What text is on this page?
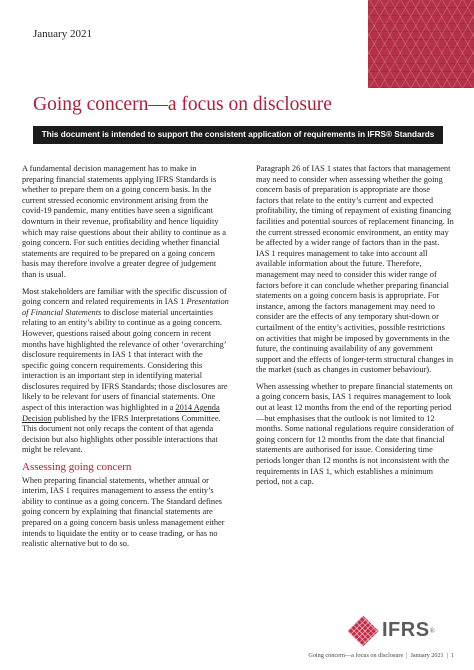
January 2021
Going concern—a focus on disclosure
This document is intended to support the consistent application of requirements in IFRS® Standards

A fundamental decision management has to make in preparing financial statements applying IFRS Standards is whether to prepare them on a going concern basis. In the current stressed economic environment arising from the covid-19 pandemic, many entities have seen a significant downturn in their revenue, profitability and hence liquidity which may raise questions about their ability to continue as a going concern. For such entities deciding whether financial statements are required to be prepared on a going concern basis may therefore involve a greater degree of judgement than is usual.

Most stakeholders are familiar with the specific discussion of going concern and related requirements in IAS 1 Presentation of Financial Statements to disclose material uncertainties relating to an entity’s ability to continue as a going concern. However, questions raised about going concern in recent months have highlighted the relevance of other ‘overarching’ disclosure requirements in IAS 1 that interact with the specific going concern requirements. Considering this interaction is an important step in identifying material disclosures required by IFRS Standards; those disclosures are likely to be relevant for users of financial statements. One aspect of this interaction was highlighted in a 2014 Agenda Decision published by the IFRS Interpretations Committee. This document not only recaps the content of that agenda decision but also highlights other possible interactions that might be relevant.

Assessing going concern

When preparing financial statements, whether annual or interim, IAS 1 requires management to assess the entity’s ability to continue as a going concern. The Standard defines going concern by explaining that financial statements are prepared on a going concern basis unless management either intends to liquidate the entity or to cease trading, or has no realistic alternative but to do so.

Paragraph 26 of IAS 1 states that factors that management may need to consider when assessing whether the going concern basis of preparation is appropriate are those factors that relate to the entity’s current and expected profitability, the timing of repayment of existing financing facilities and potential sources of replacement financing. In the current stressed economic environment, an entity may be affected by a wider range of factors than in the past. IAS 1 requires management to take into account all available information about the future. Therefore, management may need to consider this wider range of factors before it can conclude whether preparing financial statements on a going concern basis is appropriate. For instance, among the factors management may need to consider are the effects of any temporary shut-down or curtailment of the entity’s activities, possible restrictions on activities that might be imposed by governments in the future, the continuing availability of any government support and the effects of longer-term structural changes in the market (such as changes in customer behaviour).

When assessing whether to prepare financial statements on a going concern basis, IAS 1 requires management to look out at least 12 months from the end of the reporting period—but emphasises that the outlook is not limited to 12 months. Some national regulations require consideration of going concern for 12 months from the date that financial statements are authorised for issue. Considering time periods longer than 12 months is not inconsistent with the requirements in IAS 1, which establishes a minimum period, not a cap.

IFRS ®
Going concern—a focus on disclosure | January 2021 | 1
